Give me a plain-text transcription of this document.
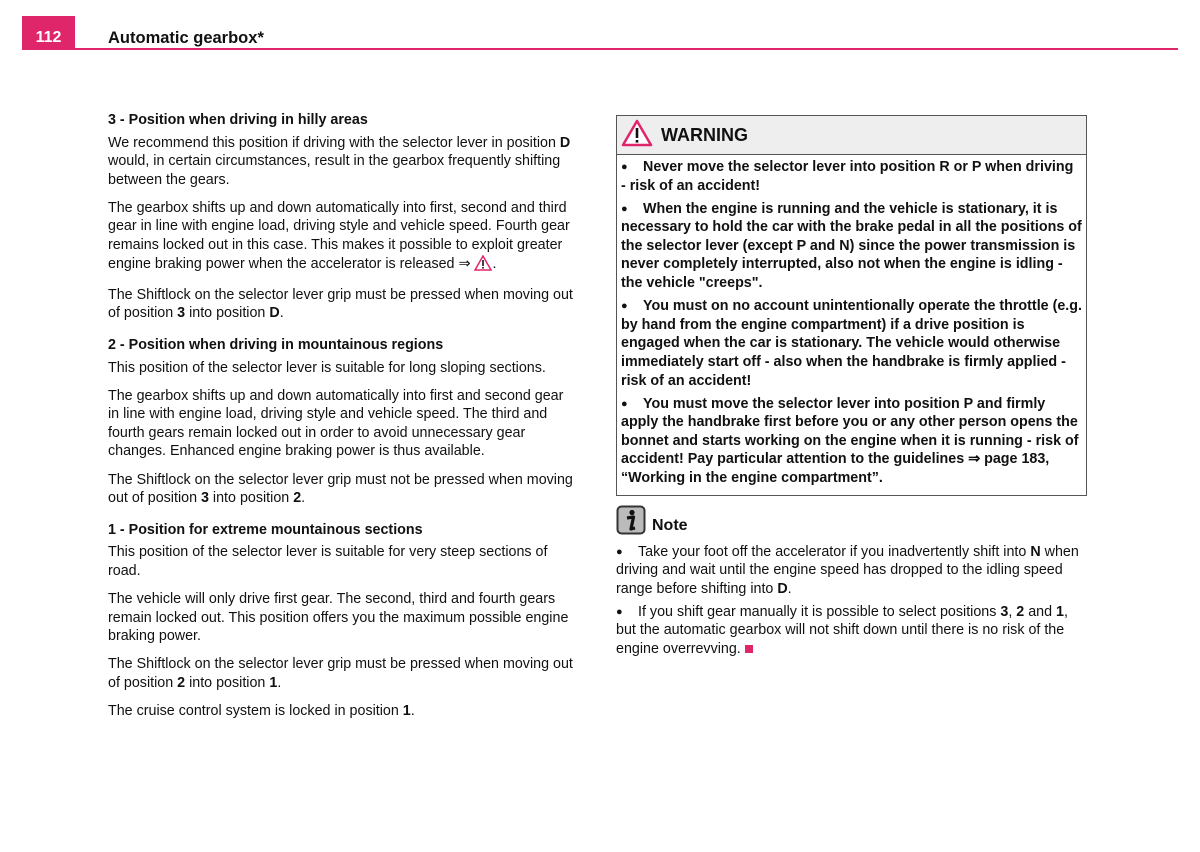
112	Automatic gearbox*
3 - Position when driving in hilly areas

We recommend this position if driving with the selector lever in position D would, in certain circumstances, result in the gearbox frequently shifting between the gears.

The gearbox shifts up and down automatically into first, second and third gear in line with engine load, driving style and vehicle speed. Fourth gear remains locked out in this case. This makes it possible to exploit greater engine braking power when the accelerator is released ⇒ .

The Shiftlock on the selector lever grip must be pressed when moving out of position 3 into position D.

2 - Position when driving in mountainous regions

This position of the selector lever is suitable for long sloping sections.

The gearbox shifts up and down automatically into first and second gear in line with engine load, driving style and vehicle speed. The third and fourth gears remain locked out in order to avoid unnecessary gear changes. Enhanced engine braking power is thus available.

The Shiftlock on the selector lever grip must not be pressed when moving out of position 3 into position 2.

1 - Position for extreme mountainous sections

This position of the selector lever is suitable for very steep sections of road.

The vehicle will only drive first gear. The second, third and fourth gears remain locked out. This position offers you the maximum possible engine braking power.

The Shiftlock on the selector lever grip must be pressed when moving out of position 2 into position 1.

The cruise control system is locked in position 1.

WARNING

● Never move the selector lever into position R or P when driving - risk of an accident!

● When the engine is running and the vehicle is stationary, it is necessary to hold the car with the brake pedal in all the positions of the selector lever (except P and N) since the power transmission is never completely interrupted, also not when the engine is idling - the vehicle "creeps".

● You must on no account unintentionally operate the throttle (e.g. by hand from the engine compartment) if a drive position is engaged when the car is stationary. The vehicle would otherwise immediately start off - also when the handbrake is firmly applied - risk of an accident!

● You must move the selector lever into position P and firmly apply the handbrake first before you or any other person opens the bonnet and starts working on the engine when it is running - risk of accident! Pay particular attention to the guidelines ⇒ page 183, “Working in the engine compartment”.

Note

● Take your foot off the accelerator if you inadvertently shift into N when driving and wait until the engine speed has dropped to the idling speed range before shifting into D.

● If you shift gear manually it is possible to select positions 3, 2 and 1, but the automatic gearbox will not shift down until there is no risk of the engine overrevving.
